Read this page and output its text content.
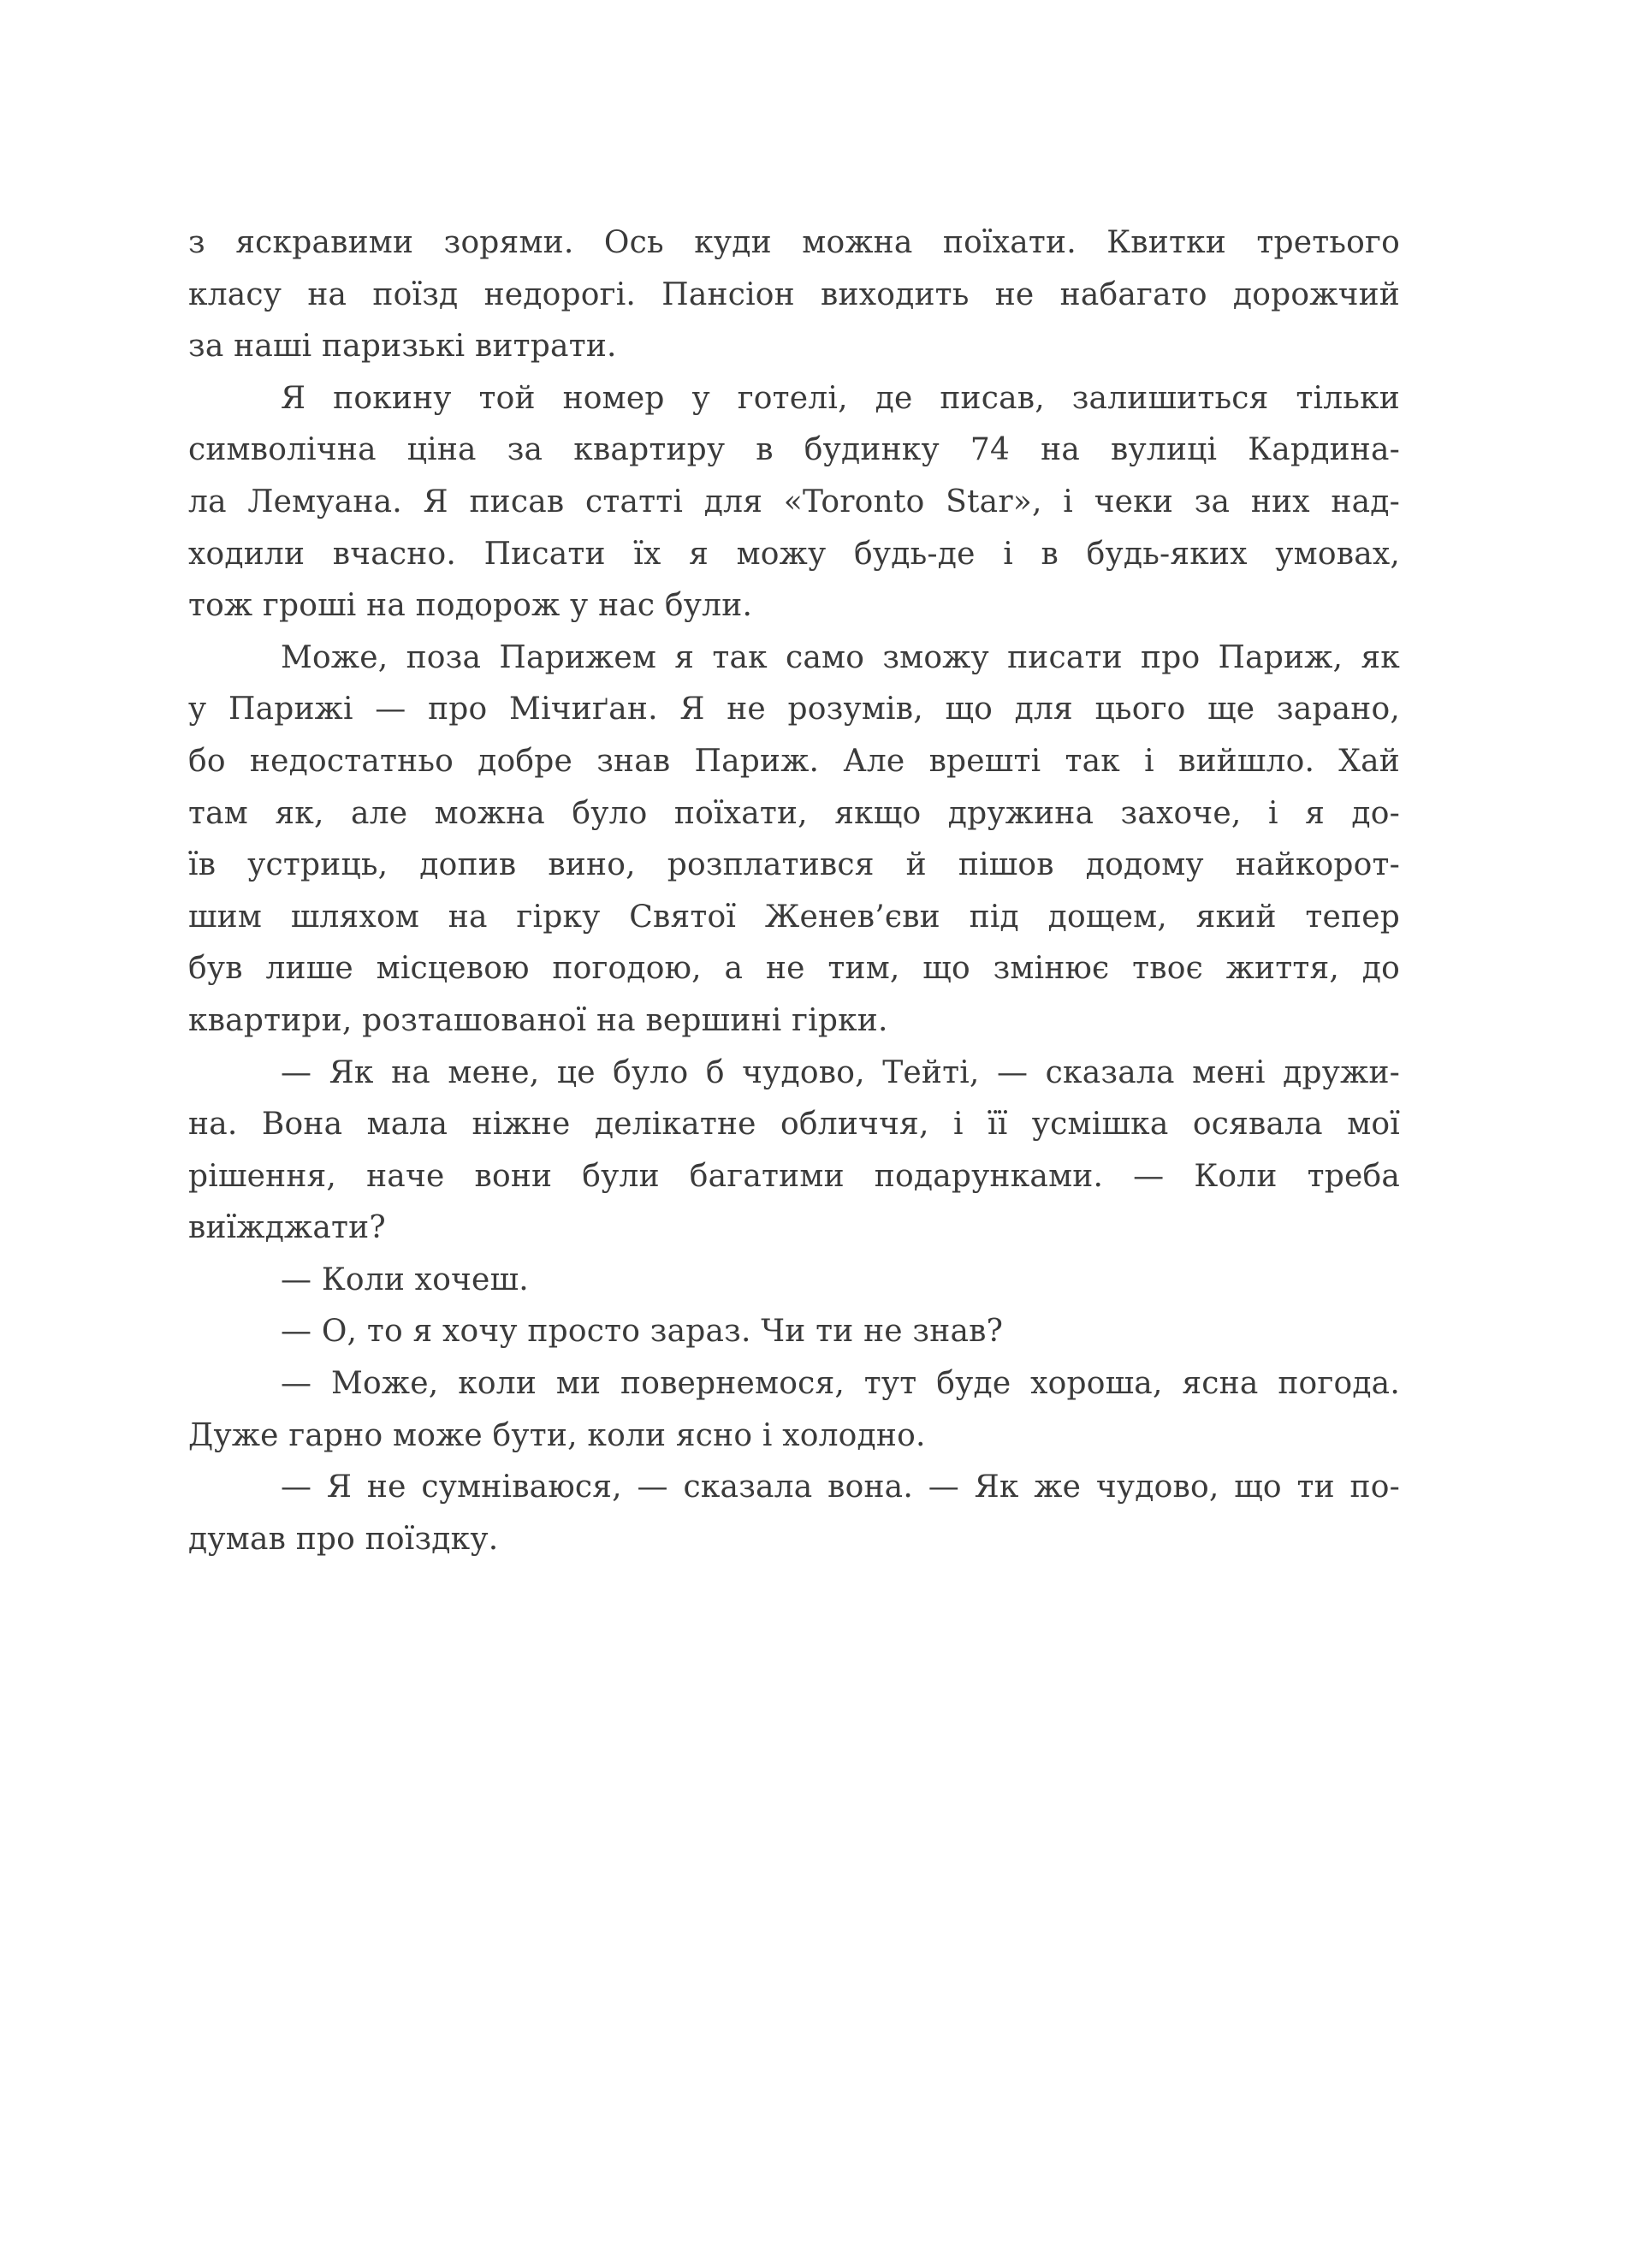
з яскравими зорями. Ось куди можна поїхати. Квитки третього
класу на поїзд недорогі. Пансіон виходить не набагато дорожчий
за наші паризькі витрати.
Я покину той номер у готелі, де писав, залишиться тільки
символічна ціна за квартиру в будинку 74 на вулиці Кардина-
ла Лемуана. Я писав статті для «Toronto Star», і чеки за них над-
ходили вчасно. Писати їх я можу будь-де і в будь-яких умовах,
тож гроші на подорож у нас були.
Може, поза Парижем я так само зможу писати про Париж, як
у Парижі — про Мічиґан. Я не розумів, що для цього ще зарано,
бо недостатньо добре знав Париж. Але врешті так і вийшло. Хай
там як, але можна було поїхати, якщо дружина захоче, і я до-
їв устриць, допив вино, розплатився й пішов додому найкорот-
шим шляхом на гірку Святої Женев’єви під дощем, який тепер
був лише місцевою погодою, а не тим, що змінює твоє життя, до
квартири, розташованої на вершині гірки.
— Як на мене, це було б чудово, Тейті, — сказала мені дружи-
на. Вона мала ніжне делікатне обличчя, і її усмішка осявала мої
рішення, наче вони були багатими подарунками. — Коли треба
виїжджати?
— Коли хочеш.
— О, то я хочу просто зараз. Чи ти не знав?
— Може, коли ми повернемося, тут буде хороша, ясна погода.
Дуже гарно може бути, коли ясно і холодно.
— Я не сумніваюся, — сказала вона. — Як же чудово, що ти по-
думав про поїздку.
